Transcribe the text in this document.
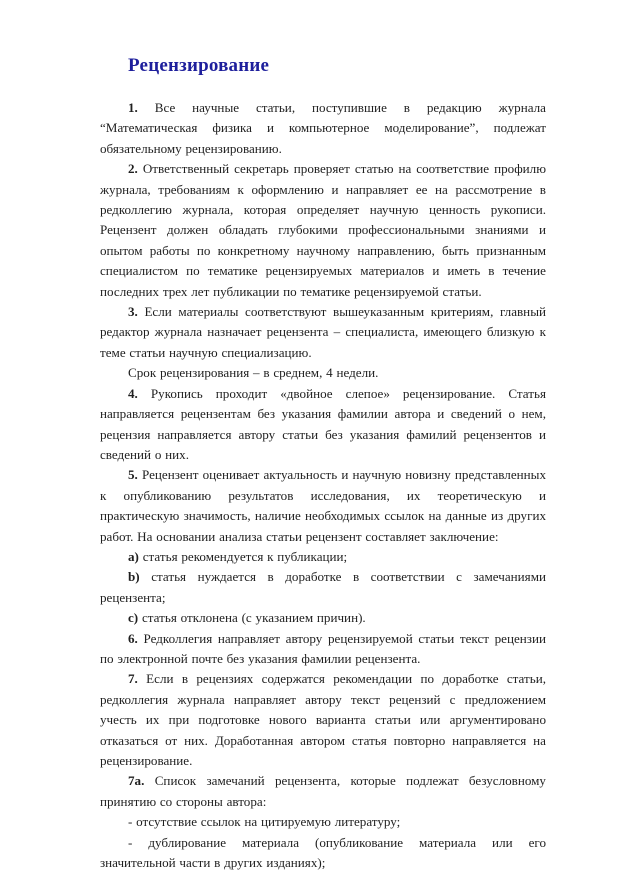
Рецензирование

1. Все научные статьи, поступившие в редакцию журнала “Математическая физика и компьютерное моделирование”, подлежат обязательному рецензированию.

2. Ответственный секретарь проверяет статью на соответствие профилю журнала, требованиям к оформлению и направляет ее на рассмотрение в редколлегию журнала, которая определяет научную ценность рукописи. Рецензент должен обладать глубокими профессиональными знаниями и опытом работы по конкретному научному направлению, быть признанным специалистом по тематике рецензируемых материалов и иметь в течение последних трех лет публикации по тематике рецензируемой статьи.

3. Если материалы соответствуют вышеуказанным критериям, главный редактор журнала назначает рецензента – специалиста, имеющего близкую к теме статьи научную специализацию.

Срок рецензирования – в среднем, 4 недели.

4. Рукопись проходит «двойное слепое» рецензирование. Статья направляется рецензентам без указания фамилии автора и сведений о нем, рецензия направляется автору статьи без указания фамилий рецензентов и сведений о них.

5. Рецензент оценивает актуальность и научную новизну представленных к опубликованию результатов исследования, их теоретическую и практическую значимость, наличие необходимых ссылок на данные из других работ. На основании анализа статьи рецензент составляет заключение:

a) статья рекомендуется к публикации;

b) статья нуждается в доработке в соответствии с замечаниями рецензента;

c) статья отклонена (с указанием причин).

6. Редколлегия направляет автору рецензируемой статьи текст рецензии по электронной почте без указания фамилии рецензента.

7. Если в рецензиях содержатся рекомендации по доработке статьи, редколлегия журнала направляет автору текст рецензий с предложением учесть их при подготовке нового варианта статьи или аргументировано отказаться от них. Доработанная автором статья повторно направляется на рецензирование.

7а. Список замечаний рецензента, которые подлежат безусловному принятию со стороны автора:

- отсутствие ссылок на цитируемую литературу;

- дублирование материала (опубликование материала или его значительной части в других изданиях);
